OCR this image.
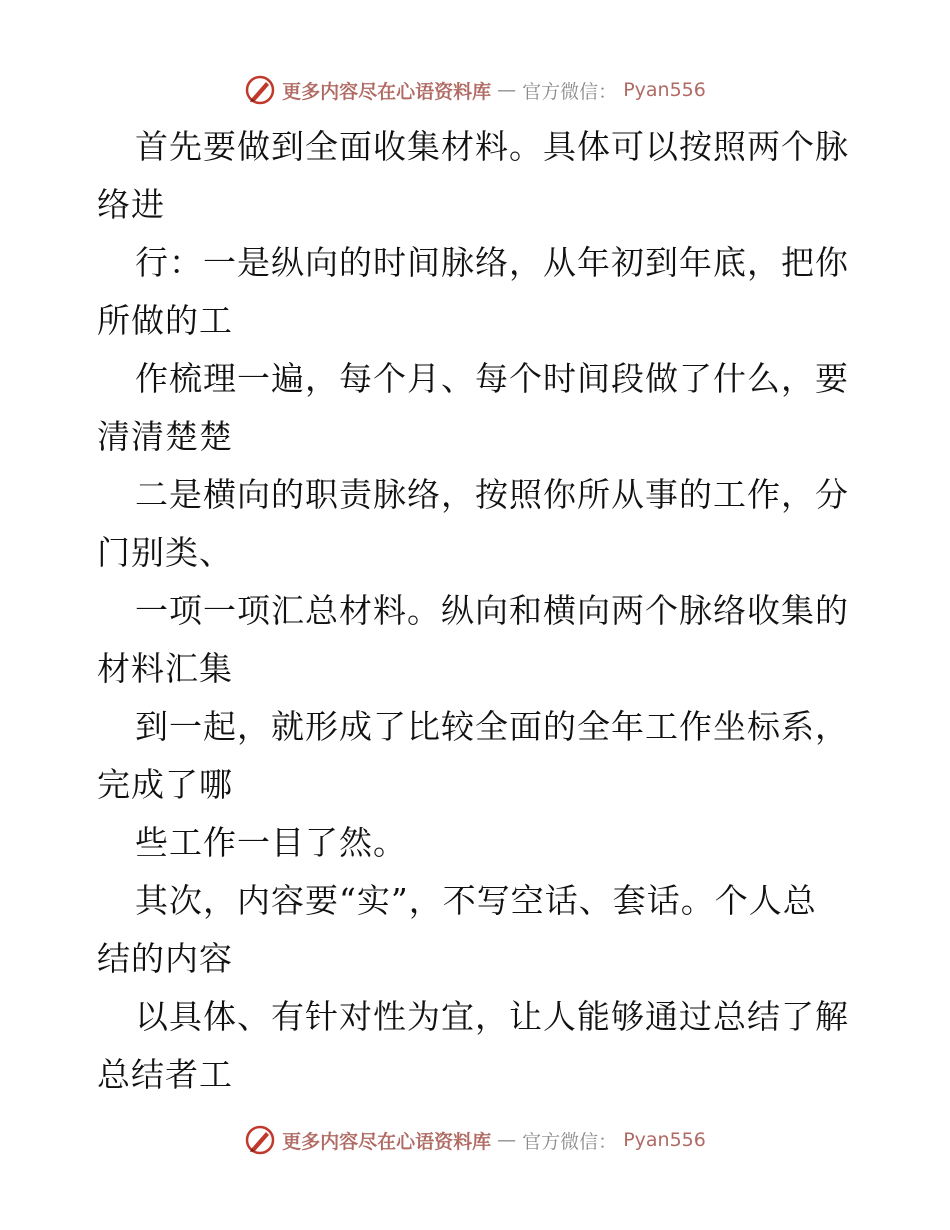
更多内容尽在心语资料库 — 官方微信： Pyan556
首先要做到全面收集材料。具体可以按照两个脉
络进
行：一是纵向的时间脉络，从年初到年底，把你
所做的工
作梳理一遍，每个月、每个时间段做了什么，要
清清楚楚
二是横向的职责脉络，按照你所从事的工作，分
门别类、
一项一项汇总材料。纵向和横向两个脉络收集的
材料汇集
到一起，就形成了比较全面的全年工作坐标系，
完成了哪
些工作一目了然。
其次，内容要“实”，不写空话、套话。个人总
结的内容
以具体、有针对性为宜，让人能够通过总结了解
总结者工
更多内容尽在心语资料库 — 官方微信： Pyan556
